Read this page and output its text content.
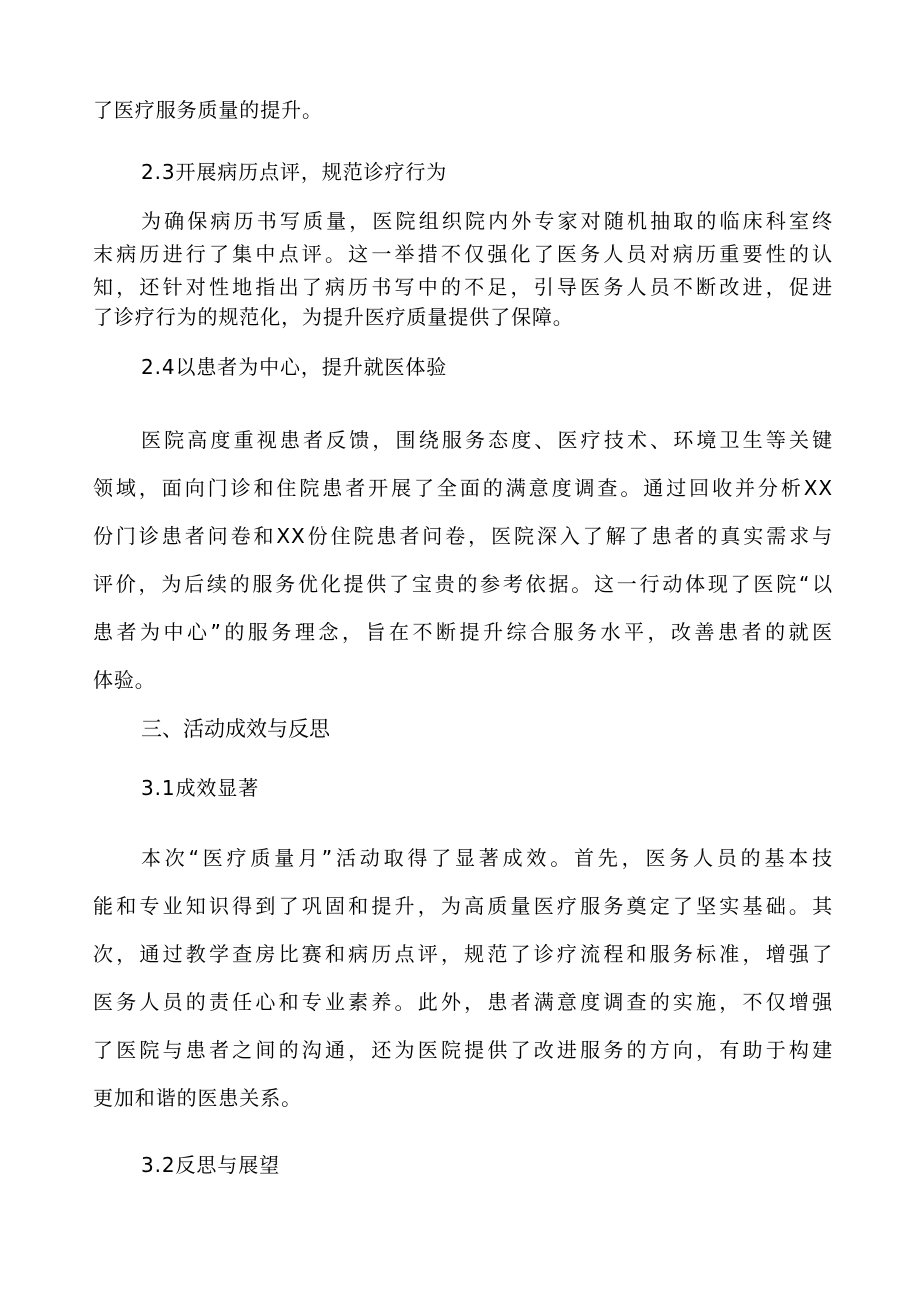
了医疗服务质量的提升。
2.3开展病历点评，规范诊疗行为
为确保病历书写质量，医院组织院内外专家对随机抽取的临床科室终
末病历进行了集中点评。这一举措不仅强化了医务人员对病历重要性的认
知，还针对性地指出了病历书写中的不足，引导医务人员不断改进，促进
了诊疗行为的规范化，为提升医疗质量提供了保障。
2.4以患者为中心，提升就医体验
医院高度重视患者反馈，围绕服务态度、医疗技术、环境卫生等关键
领域，面向门诊和住院患者开展了全面的满意度调查。通过回收并分析XX
份门诊患者问卷和XX份住院患者问卷，医院深入了解了患者的真实需求与
评价，为后续的服务优化提供了宝贵的参考依据。这一行动体现了医院“以
患者为中心”的服务理念，旨在不断提升综合服务水平，改善患者的就医
体验。
三、活动成效与反思
3.1成效显著
本次“医疗质量月”活动取得了显著成效。首先，医务人员的基本技
能和专业知识得到了巩固和提升，为高质量医疗服务奠定了坚实基础。其
次，通过教学查房比赛和病历点评，规范了诊疗流程和服务标准，增强了
医务人员的责任心和专业素养。此外，患者满意度调查的实施，不仅增强
了医院与患者之间的沟通，还为医院提供了改进服务的方向，有助于构建
更加和谐的医患关系。
3.2反思与展望
